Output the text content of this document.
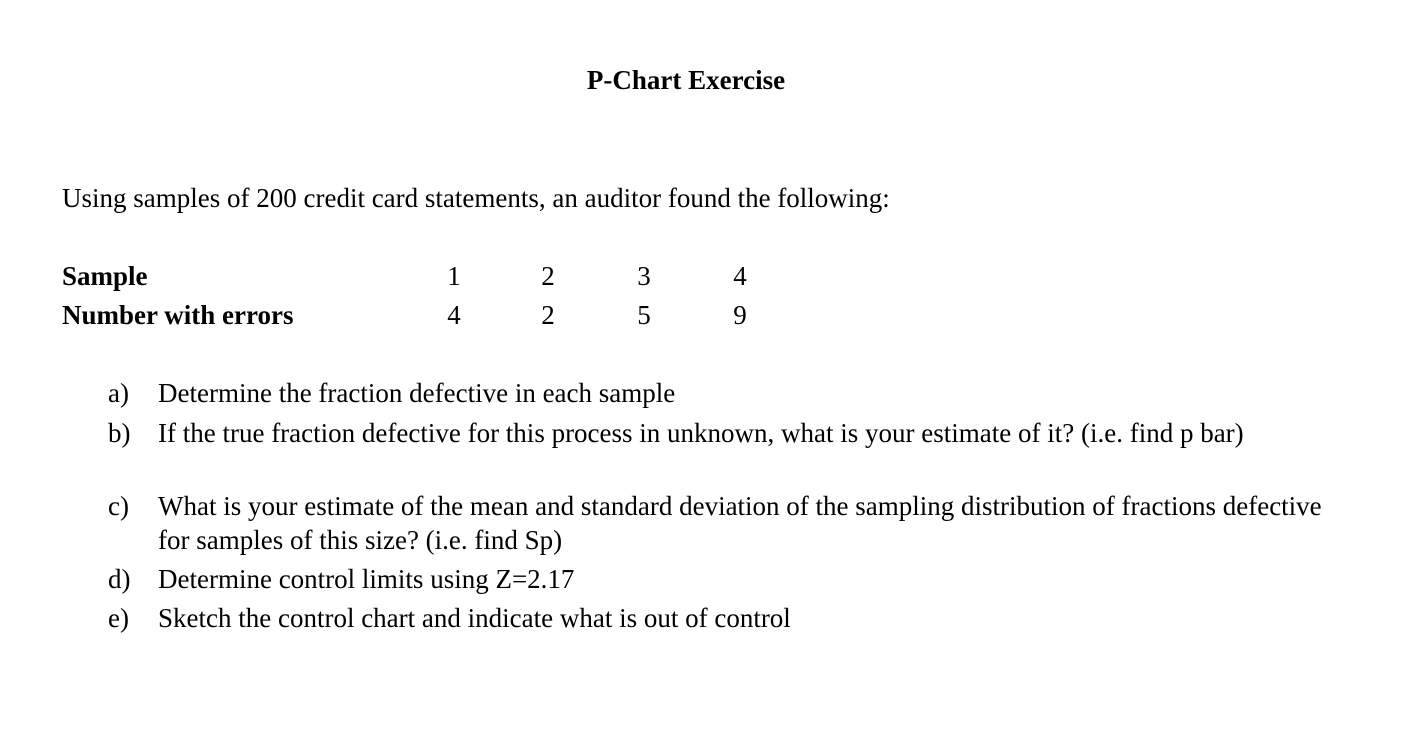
P-Chart Exercise
Using samples of 200 credit card statements, an auditor found the following:
Sample	1	2	3	4
Number with errors	4	2	5	9
a)	Determine the fraction defective in each sample
b)	If the true fraction defective for this process in unknown, what is your estimate of it? (i.e. find p bar)
c)	What is your estimate of the mean and standard deviation of the sampling distribution of fractions defective for samples of this size? (i.e. find Sp)
d)	Determine control limits using Z=2.17
e)	Sketch the control chart and indicate what is out of control
